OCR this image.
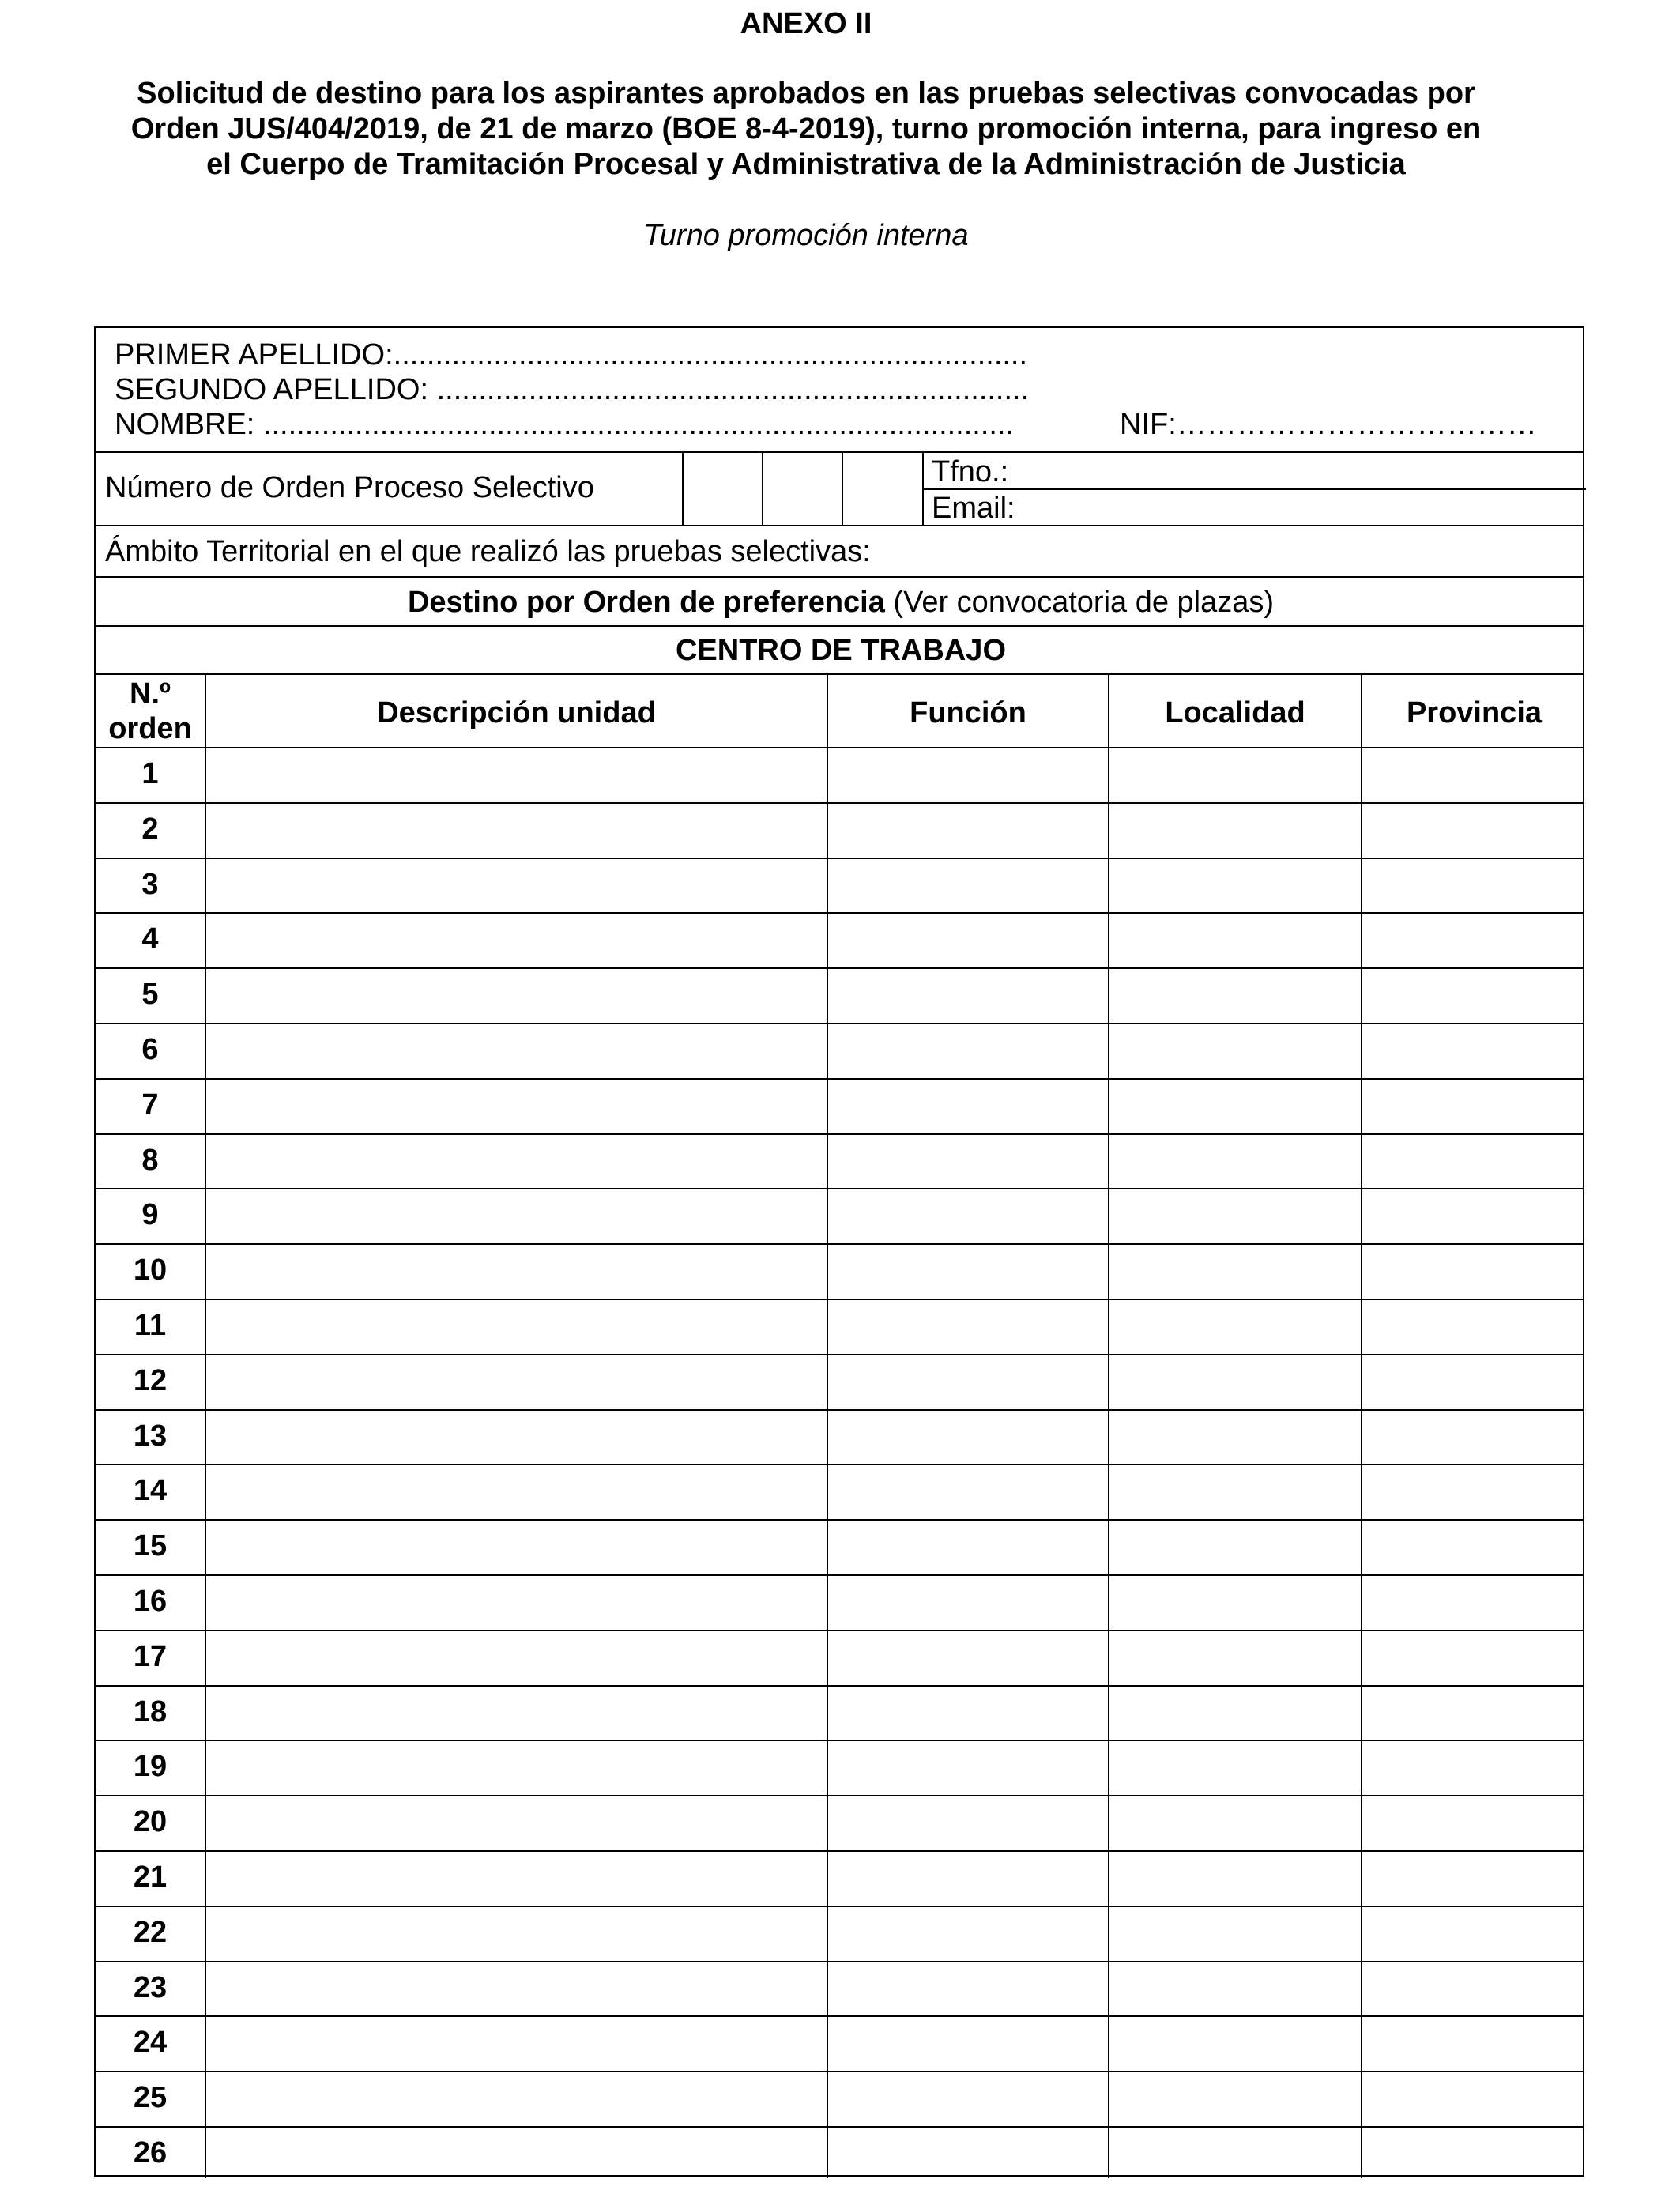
ANEXO II
Solicitud de destino para los aspirantes aprobados en las pruebas selectivas convocadas por
Orden JUS/404/2019, de 21 de marzo (BOE 8-4-2019), turno promoción interna, para ingreso en
el Cuerpo de Tramitación Procesal y Administrativa de la Administración de Justicia
Turno promoción interna
PRIMER APELLIDO:............................................................................
SEGUNDO APELLIDO: .......................................................................
NOMBRE: ..........................................................................................	NIF:………………………………
Número de Orden Proceso Selectivo	Tfno.:
Email:
Ámbito Territorial en el que realizó las pruebas selectivas:
Destino por Orden de preferencia (Ver convocatoria de plazas)
CENTRO DE TRABAJO
N.º
orden	Descripción unidad	Función	Localidad	Provincia
1
2
3
4
5
6
7
8
9
10
11
12
13
14
15
16
17
18
19
20
21
22
23
24
25
26
